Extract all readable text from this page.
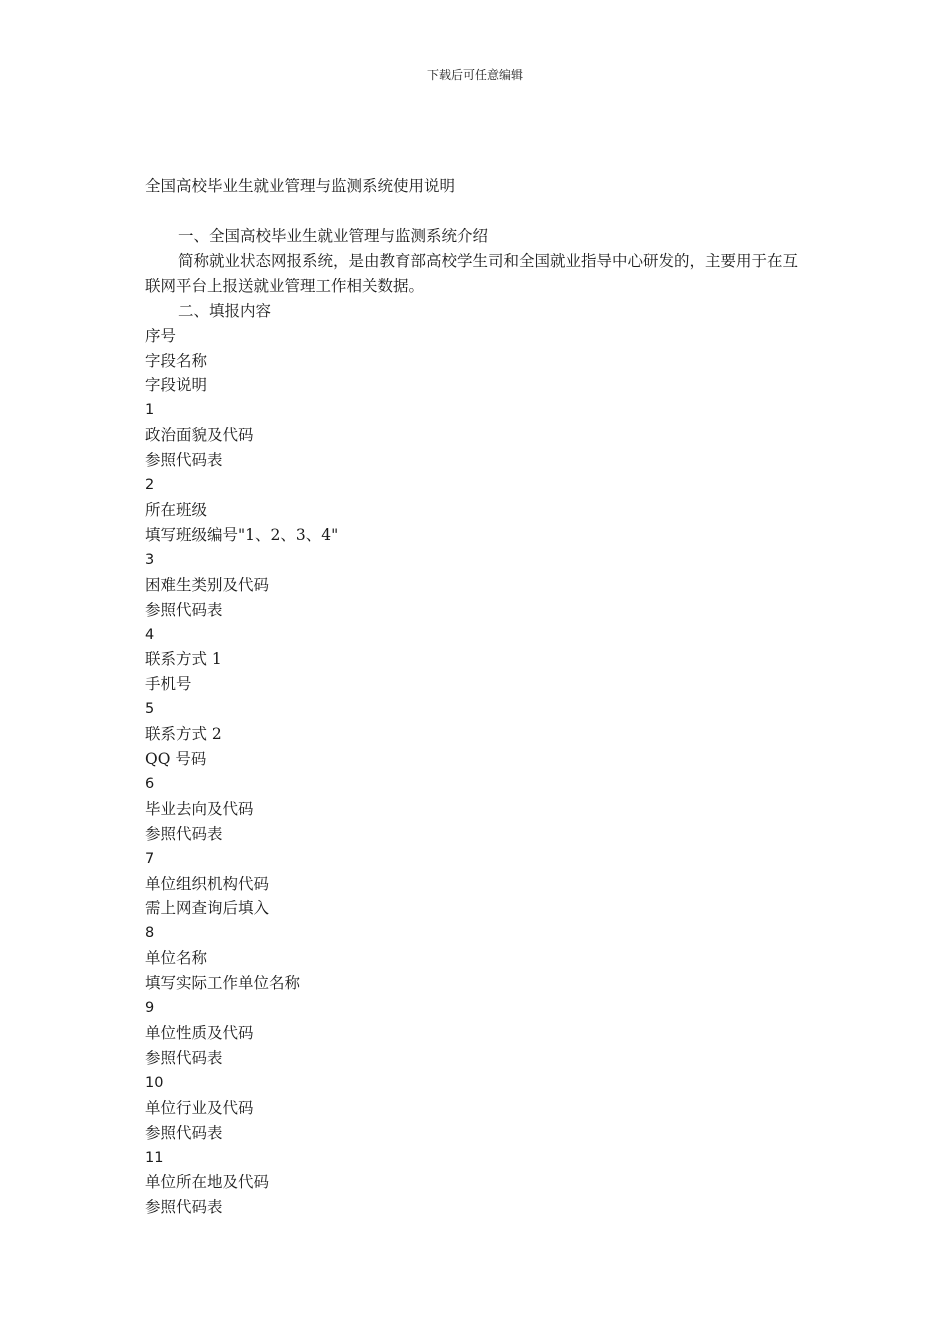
下载后可任意编辑

全国高校毕业生就业管理与监测系统使用说明

一、全国高校毕业生就业管理与监测系统介绍

简称就业状态网报系统，是由教育部高校学生司和全国就业指导中心研发的，主要用于在互联网平台上报送就业管理工作相关数据。

二、填报内容

序号

字段名称

字段说明

1

政治面貌及代码

参照代码表

2

所在班级

填写班级编号"1、2、3、4"

3

困难生类别及代码

参照代码表

4

联系方式 1

手机号

5

联系方式 2

QQ 号码

6

毕业去向及代码

参照代码表

7

单位组织机构代码

需上网查询后填入

8

单位名称

填写实际工作单位名称

9

单位性质及代码

参照代码表

10

单位行业及代码

参照代码表

11

单位所在地及代码

参照代码表
